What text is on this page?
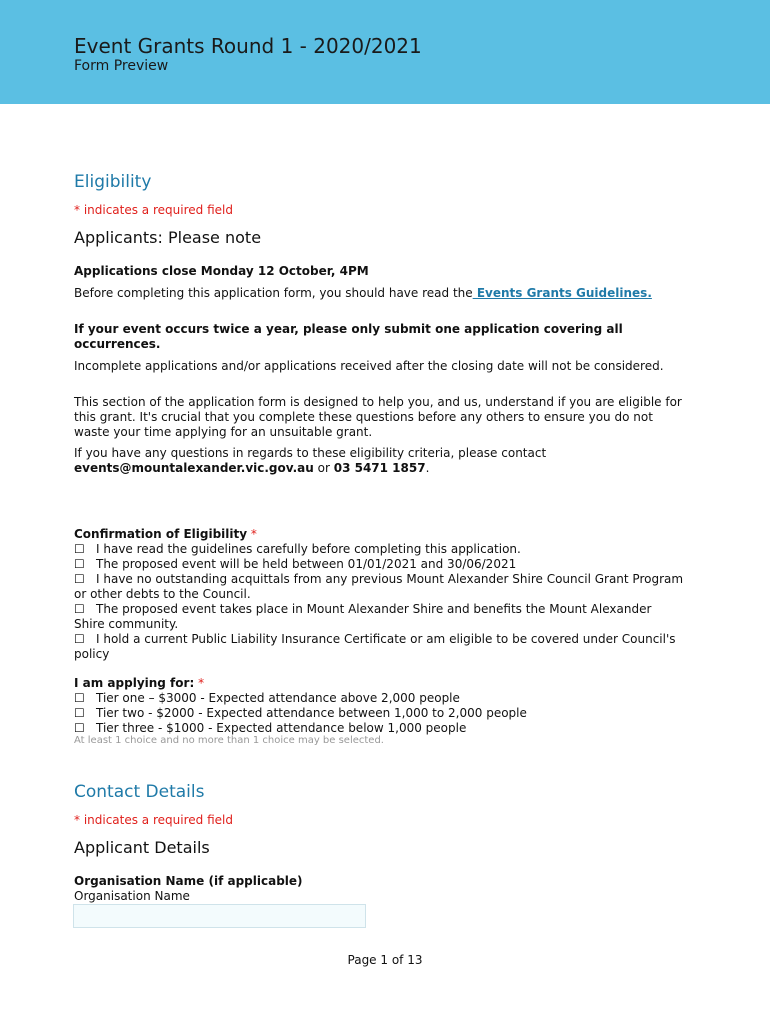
Event Grants Round 1 - 2020/2021
Form Preview
Eligibility
* indicates a required field
Applicants: Please note
Applications close Monday 12 October, 4PM
Before completing this application form, you should have read the Events Grants Guidelines.
If your event occurs twice a year, please only submit one application covering all occurrences.
Incomplete applications and/or applications received after the closing date will not be considered.
This section of the application form is designed to help you, and us, understand if you are eligible for this grant. It's crucial that you complete these questions before any others to ensure you do not waste your time applying for an unsuitable grant.
If you have any questions in regards to these eligibility criteria, please contact events@mountalexander.vic.gov.au or 03 5471 1857.
Confirmation of Eligibility *
☐ I have read the guidelines carefully before completing this application.
☐ The proposed event will be held between 01/01/2021 and 30/06/2021
☐ I have no outstanding acquittals from any previous Mount Alexander Shire Council Grant Program or other debts to the Council.
☐ The proposed event takes place in Mount Alexander Shire and benefits the Mount Alexander Shire community.
☐ I hold a current Public Liability Insurance Certificate or am eligible to be covered under Council's policy
I am applying for: *
☐ Tier one – $3000 - Expected attendance above 2,000 people
☐ Tier two - $2000 - Expected attendance between 1,000 to 2,000 people
☐ Tier three - $1000 - Expected attendance below 1,000 people
At least 1 choice and no more than 1 choice may be selected.
Contact Details
* indicates a required field
Applicant Details
Organisation Name (if applicable)
Organisation Name
Page 1 of 13
